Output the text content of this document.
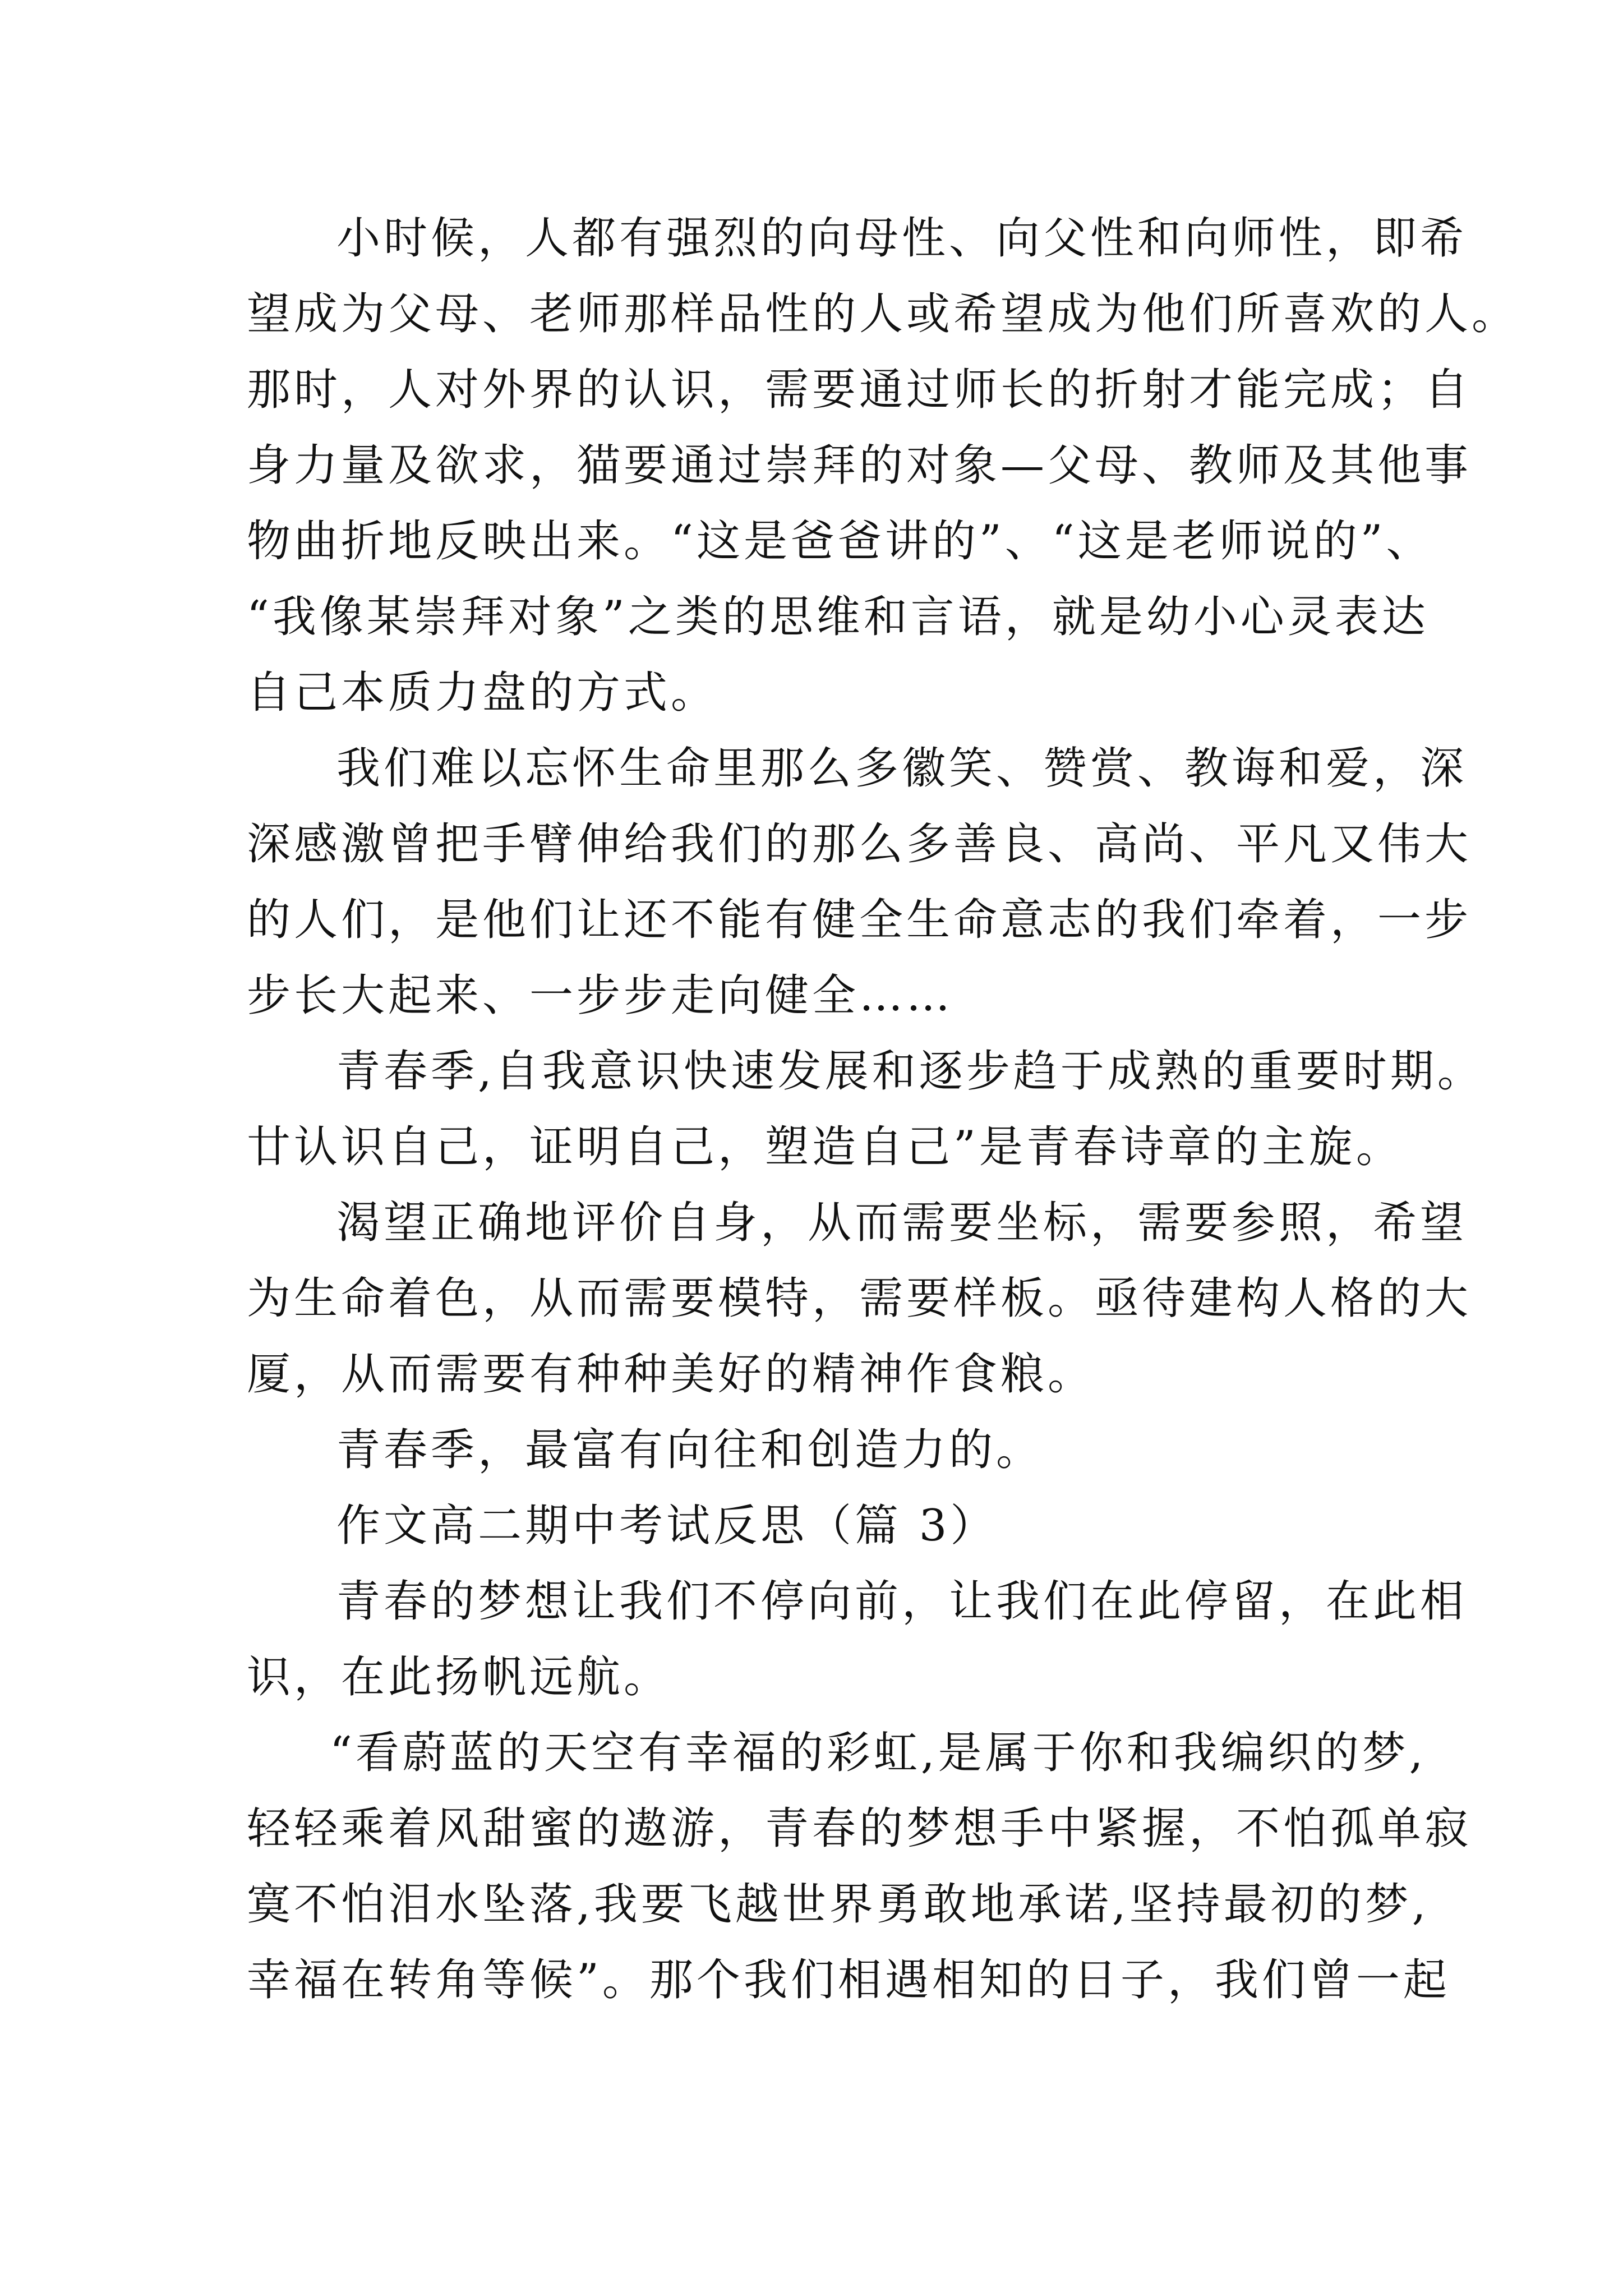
小时候，人都有强烈的向母性、向父性和向师性，即希
望成为父母、老师那样品性的人或希望成为他们所喜欢的人。
那时，人对外界的认识，需要通过师长的折射才能完成；自
身力量及欲求，猫要通过崇拜的对象—父母、教师及其他事
物曲折地反映出来。“这是爸爸讲的”、“这是老师说的”、
“我像某崇拜对象”之类的思维和言语，就是幼小心灵表达
自己本质力盘的方式。
我们难以忘怀生命里那么多徽笑、赞赏、教诲和爱，深
深感激曾把手臂伸给我们的那么多善良、高尚、平凡又伟大
的人们，是他们让还不能有健全生命意志的我们牵着，一步
步长大起来、一步步走向健全……
青春季,自我意识快速发展和逐步趋于成熟的重要时期。
廿认识自己，证明自己，塑造自己”是青春诗章的主旋。
渴望正确地评价自身，从而需要坐标，需要参照，希望
为生命着色，从而需要模特，需要样板。亟待建构人格的大
厦，从而需要有种种美好的精神作食粮。
青春季，最富有向往和创造力的。
作文高二期中考试反思（篇 3）
青春的梦想让我们不停向前，让我们在此停留，在此相
识，在此扬帆远航。
“看蔚蓝的天空有幸福的彩虹,是属于你和我编织的梦,
轻轻乘着风甜蜜的遨游，青春的梦想手中紧握，不怕孤单寂
寞不怕泪水坠落,我要飞越世界勇敢地承诺,坚持最初的梦,
幸福在转角等候”。那个我们相遇相知的日子，我们曾一起
